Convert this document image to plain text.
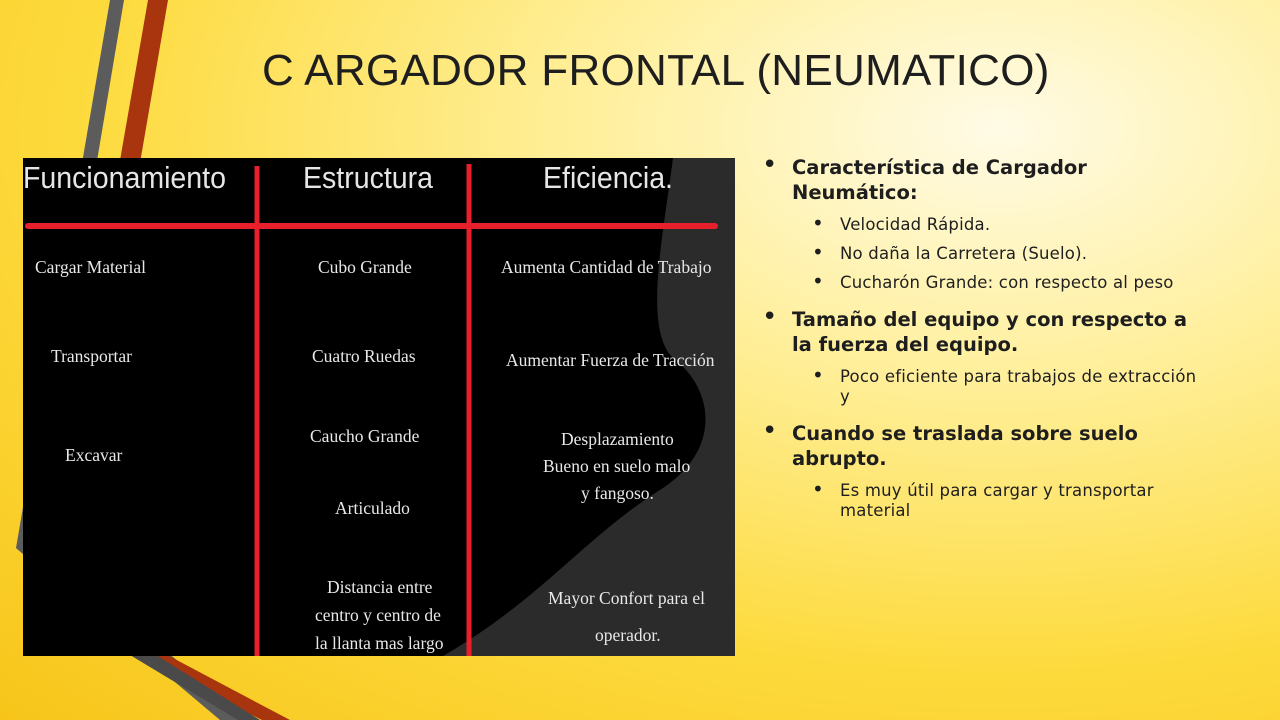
C ARGADOR FRONTAL (NEUMATICO)
Funcionamiento Estructura	Eficiencia.
Cargar Material
Transportar
Excavar
Cubo Grande
Cuatro Ruedas
Caucho Grande
Articulado
Distancia entre
centro y centro de
la llanta mas largo
Aumenta Cantidad de Trabajo
Aumentar Fuerza de Tracción
Desplazamiento
Bueno en suelo malo
y fangoso.
Mayor Confort para el
operador.
• Característica de Cargador Neumático:
• Velocidad Rápida.
• No daña la Carretera (Suelo).
• Cucharón Grande: con respecto al peso
• Tamaño del equipo y con respecto a la fuerza del equipo.
• Poco eficiente para trabajos de extracción y
• Cuando se traslada sobre suelo abrupto.
• Es muy útil para cargar y transportar material
